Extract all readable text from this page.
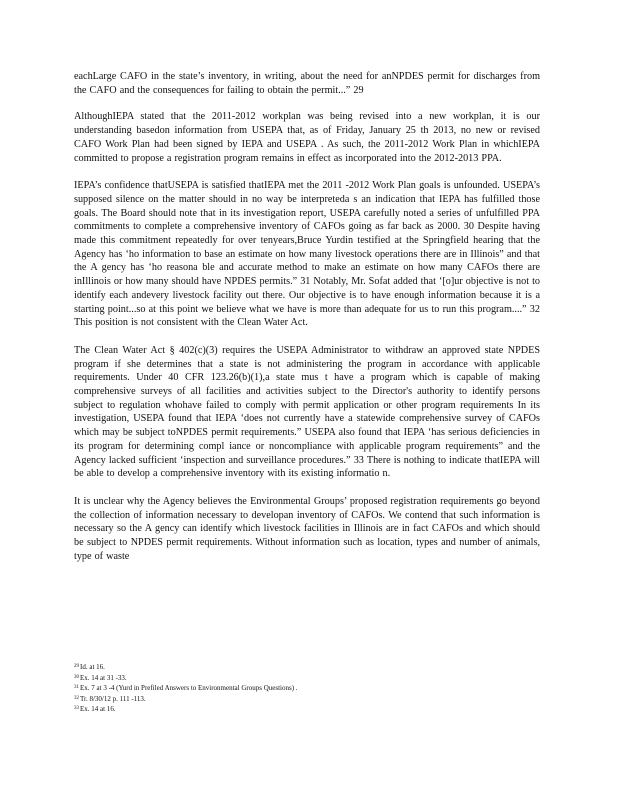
eachLarge CAFO in the state’s inventory, in writing, about the need for anNPDES permit for discharges from the CAFO and the consequences for failing to obtain the permit...” 29

AlthoughIEPA stated that the 2011-2012 workplan was being revised into a new workplan, it is our understanding basedon information from USEPA that, as of Friday, January 25 th 2013, no new or revised CAFO Work Plan had been signed by IEPA and USEPA . As such, the 2011-2012 Work Plan in whichIEPA committed to propose a registration program remains in effect as incorporated into the 2012-2013 PPA.

IEPA’s confidence thatUSEPA is satisfied thatIEPA met the 2011 -2012 Work Plan goals is unfounded. USEPA’s supposed silence on the matter should in no way be interpreteda s an indication that IEPA has fulfilled those goals. The Board should note that in its investigation report, USEPA carefully noted a series of unfulfilled PPA commitments to complete a comprehensive inventory of CAFOs going as far back as 2000. 30 Despite having made this commitment repeatedly for over tenyears,Bruce Yurdin testified at the Springfield hearing that the Agency has ‘ho information to base an estimate on how many livestock operations there are in Illinois” and that the A gency has ‘ho reasona ble and accurate method to make an estimate on how many CAFOs there are inIllinois or how many should have NPDES permits.” 31 Notably, Mr. Sofat added that ‘[o]ur objective is not to identify each andevery livestock facility out there. Our objective is to have enough information because it is a starting point...so at this point we believe what we have is more than adequate for us to run this program....” 32 This position is not consistent with the Clean Water Act.

The Clean Water Act § 402(c)(3) requires the USEPA Administrator to withdraw an approved state NPDES program if she determines that a state is not administering the program in accordance with applicable requirements. Under 40 CFR 123.26(b)(1),a state mus t have a program which is capable of making comprehensive surveys of all facilities and activities subject to the Director's authority to identify persons subject to regulation whohave failed to comply with permit application or other program requirements In its investigation, USEPA found that IEPA ‘does not currently have a statewide comprehensive survey of CAFOs which may be subject toNPDES permit requirements.” USEPA also found that IEPA ‘has serious deficiencies in its program for determining compl iance or noncompliance with applicable program requirements” and the Agency lacked sufficient ‘inspection and surveillance procedures.” 33 There is nothing to indicate thatIEPA will be able to develop a comprehensive inventory with its existing informatio n.

It is unclear why the Agency believes the Environmental Groups’ proposed registration requirements go beyond the collection of information necessary to developan inventory of CAFOs. We contend that such information is necessary so the A gency can identify which livestock facilities in Illinois are in fact CAFOs and which should be subject to NPDES permit requirements. Without information such as location, types and number of animals, type of waste

$^{29}$Id. at 16.
$^{30}$Ex. 14 at 31 -33.
$^{31}$Ex. 7 at 3 -4 (Yurd in Prefiled Answers to Environmental Groups Questions) .
$^{32}$Tr. 8/30/12 p. 111 -113.
$^{33}$Ex. 14 at 16.
